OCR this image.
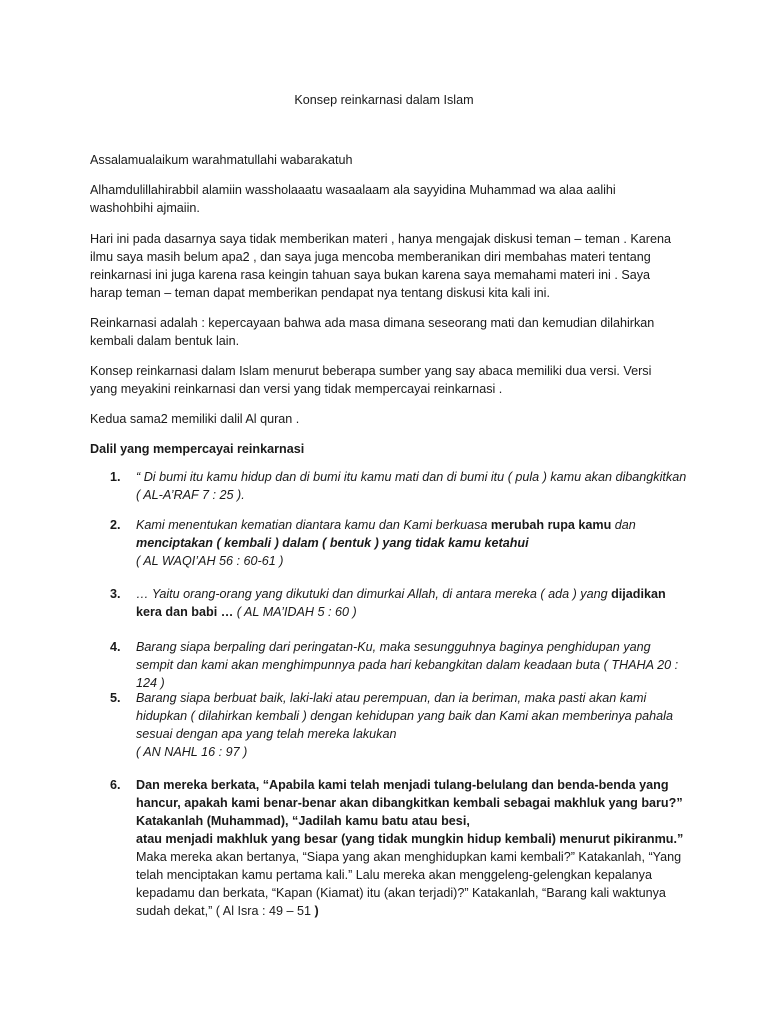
Konsep reinkarnasi dalam Islam

Assalamualaikum warahmatullahi wabarakatuh

Alhamdulillahirabbil alamiin wassholaaatu wasaalaam ala sayyidina Muhammad wa alaa aalihi washohbihi ajmaiin.

Hari ini pada dasarnya saya tidak memberikan materi , hanya mengajak diskusi teman – teman . Karena ilmu saya masih belum apa2 , dan saya juga mencoba memberanikan diri membahas materi tentang reinkarnasi ini juga karena rasa keingin tahuan saya bukan karena saya memahami materi ini . Saya harap teman – teman dapat memberikan pendapat nya tentang diskusi kita kali ini.

Reinkarnasi adalah : kepercayaan bahwa ada masa dimana seseorang mati dan kemudian dilahirkan kembali dalam bentuk lain.

Konsep reinkarnasi dalam Islam menurut beberapa sumber yang say abaca memiliki dua versi. Versi yang meyakini reinkarnasi dan versi yang tidak mempercayai reinkarnasi .

Kedua sama2 memiliki dalil Al quran .

Dalil yang mempercayai reinkarnasi

1.	“ Di bumi itu kamu hidup dan di bumi itu kamu mati dan di bumi itu ( pula ) kamu akan dibangkitkan ( AL-A’RAF 7 : 25 ).
2.	Kami menentukan kematian diantara kamu dan Kami berkuasa merubah rupa kamu dan
menciptakan ( kembali ) dalam ( bentuk ) yang tidak kamu ketahui
( AL WAQI’AH 56 : 60-61 )
3.	… Yaitu orang-orang yang dikutuki dan dimurkai Allah, di antara mereka ( ada ) yang dijadikan kera dan babi … ( AL MA’IDAH 5 : 60 )
4.	Barang siapa berpaling dari peringatan-Ku, maka sesungguhnya baginya penghidupan yang sempit dan kami akan menghimpunnya pada hari kebangkitan dalam keadaan buta ( THAHA 20 : 124 )
5.	Barang siapa berbuat baik, laki-laki atau perempuan, dan ia beriman, maka pasti akan kami hidupkan ( dilahirkan kembali ) dengan kehidupan yang baik dan Kami akan memberinya pahala sesuai dengan apa yang telah mereka lakukan
( AN NAHL 16 : 97 )
6.	Dan mereka berkata, “Apabila kami telah menjadi tulang-belulang dan benda-benda yang hancur, apakah kami benar-benar akan dibangkitkan kembali sebagai makhluk yang baru?”
Katakanlah (Muhammad), “Jadilah kamu batu atau besi,
atau menjadi makhluk yang besar (yang tidak mungkin hidup kembali) menurut pikiranmu.”
Maka mereka akan bertanya, “Siapa yang akan menghidupkan kami kembali?” Katakanlah, “Yang telah menciptakan kamu pertama kali.” Lalu mereka akan menggeleng-gelengkan kepalanya kepadamu dan berkata, “Kapan (Kiamat) itu (akan terjadi)?” Katakanlah, “Barang kali waktunya sudah dekat,” ( Al Isra : 49 – 51 )
